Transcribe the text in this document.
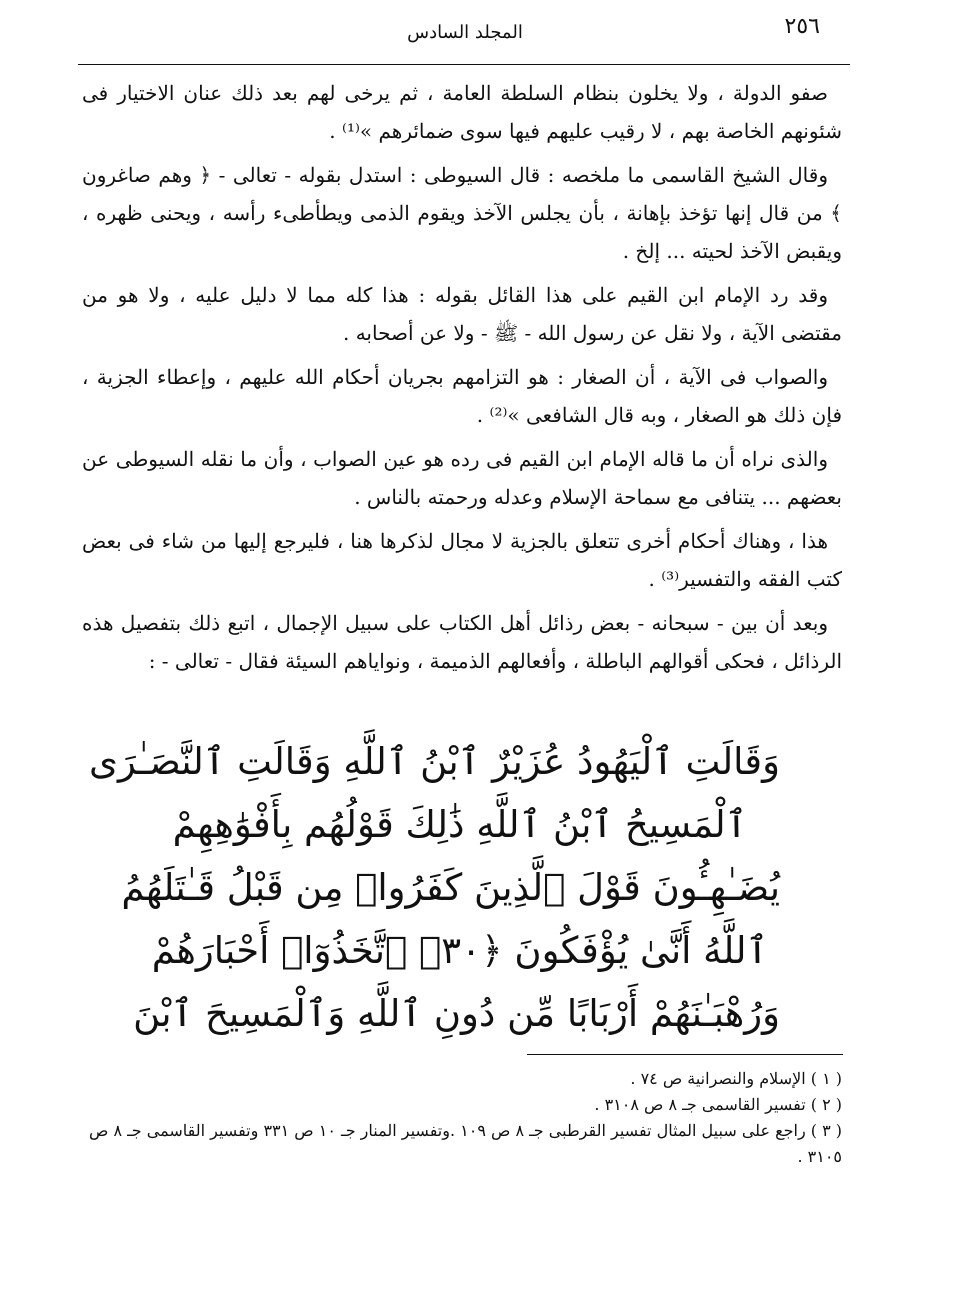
٢٥٦
المجلد السادس

صفو الدولة ، ولا يخلون بنظام السلطة العامة ، ثم يرخى لهم بعد ذلك عنان الاختيار فى شئونهم الخاصة بهم ، لا رقيب عليهم فيها سوى ضمائرهم »⁽¹⁾ .

وقال الشيخ القاسمى ما ملخصه : قال السيوطى : استدل بقوله - تعالى - ﴿ وهم صاغرون ﴾ من قال إنها تؤخذ بإهانة ، بأن يجلس الآخذ ويقوم الذمى ويطأطىء رأسه ، ويحنى ظهره ، ويقبض الآخذ لحيته ... إلخ .

وقد رد الإمام ابن القيم على هذا القائل بقوله : هذا كله مما لا دليل عليه ، ولا هو من مقتضى الآية ، ولا نقل عن رسول الله - ﷺ - ولا عن أصحابه .

والصواب فى الآية ، أن الصغار : هو التزامهم بجريان أحكام الله عليهم ، وإعطاء الجزية ، فإن ذلك هو الصغار ، وبه قال الشافعى »⁽²⁾ .

والذى نراه أن ما قاله الإمام ابن القيم فى رده هو عين الصواب ، وأن ما نقله السيوطى عن بعضهم ... يتنافى مع سماحة الإسلام وعدله ورحمته بالناس .

هذا ، وهناك أحكام أخرى تتعلق بالجزية لا مجال لذكرها هنا ، فليرجع إليها من شاء فى بعض كتب الفقه والتفسير⁽³⁾ .

وبعد أن بين - سبحانه - بعض رذائل أهل الكتاب على سبيل الإجمال ، اتبع ذلك بتفصيل هذه الرذائل ، فحكى أقوالهم الباطلة ، وأفعالهم الذميمة ، ونواياهم السيئة فقال - تعالى - :

وَقَالَتِ ٱلْيَهُودُ عُزَيْرٌ ٱبْنُ ٱللَّهِ وَقَالَتِ ٱلنَّصَـٰرَى
ٱلْمَسِيحُ ٱبْنُ ٱللَّهِ ذَٰلِكَ قَوْلُهُم بِأَفْوَٰهِهِمْ
يُضَـٰهِـُٔونَ قَوْلَ ٱلَّذِينَ كَفَرُوا۟ مِن قَبْلُ قَـٰتَلَهُمُ
ٱللَّهُ أَنَّىٰ يُؤْفَكُونَ ﴿٣٠﴾ ٱتَّخَذُوٓا۟ أَحْبَارَهُمْ
وَرُهْبَـٰنَهُمْ أَرْبَابًا مِّن دُونِ ٱللَّهِ وَٱلْمَسِيحَ ٱبْنَ

( ١ ) الإسلام والنصرانية ص ٧٤ .

( ٢ ) تفسير القاسمى جـ ٨ ص ٣١٠٨ .

( ٣ ) راجع على سبيل المثال تفسير القرطبى جـ ٨ ص ١٠٩ .وتفسير المنار جـ ١٠ ص ٣٣١ وتفسير القاسمى جـ ٨ ص ٣١٠٥ .
